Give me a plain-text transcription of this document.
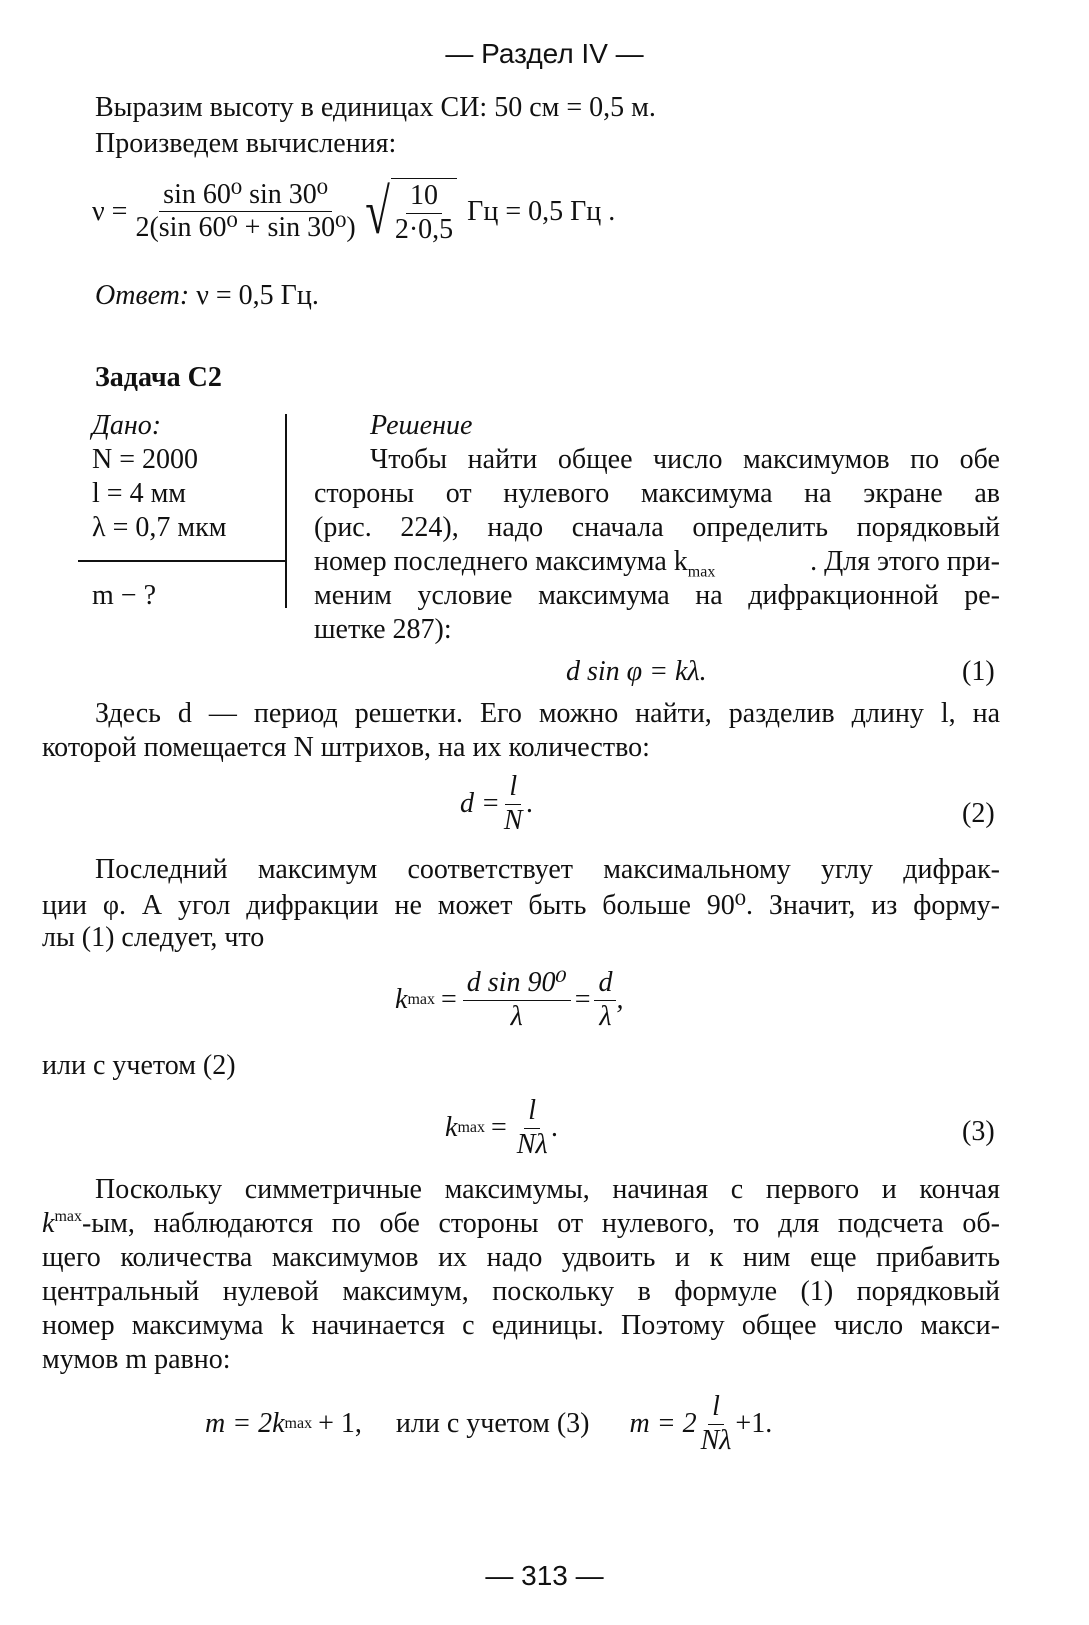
— Раздел IV —
Выразим высоту в единицах СИ: 50 см = 0,5 м.
Произведем вычисления:
$\nu = \frac{\text{sin 60⁰ sin 30⁰}}{\text{2(sin 60⁰ + sin 30⁰)}}$ √ $\frac{10}{2\cdot 0,5}$ Гц = 0,5 Гц .
Ответ: ν = 0,5 Гц.
Задача С2
Дано:
N = 2000
l = 4 мм
λ = 0,7 мкм
m − ?
Решение
Чтобы найти общее число максимумов по обе
стороны от нулевого максимума на экране ав
(рис. 224), надо сначала определить порядковый
номер последнего максимума $k_{max}$	. Для этого при-
меним условие максимума на дифракционной ре-
шетке 287):
d sin φ = kλ.	(1)
Здесь d — период решетки. Его можно найти, разделив длину l, на
которой помещается N штрихов, на их количество:
$d = \frac{l}{N}$ .	(2)
Последний максимум соответствует максимальному углу дифрак-
ции φ. А угол дифракции не может быть больше 90⁰. Значит, из форму-
лы (1) следует, что
k $\max = \frac{\text{d sin 90⁰}}{\lambda} = \frac{d}{\lambda}$ ,
или с учетом (2)
k $\max = \frac{l}{N\lambda}$ .	(3)
Поскольку симметричные максимумы, начиная с первого и кончая
k max -ым, наблюдаются по обе стороны от нулевого, то для подсчета об-
щего количества максимумов их надо удвоить и к ним еще прибавить
центральный нулевой максимум, поскольку в формуле (1) порядковый
номер максимума k начинается с единицы. Поэтому общее число макси-
мумов m равно:
m = 2k max + 1, или с учетом (3) $m = 2 \frac{l}{N\lambda} +1$.
— 313 —
